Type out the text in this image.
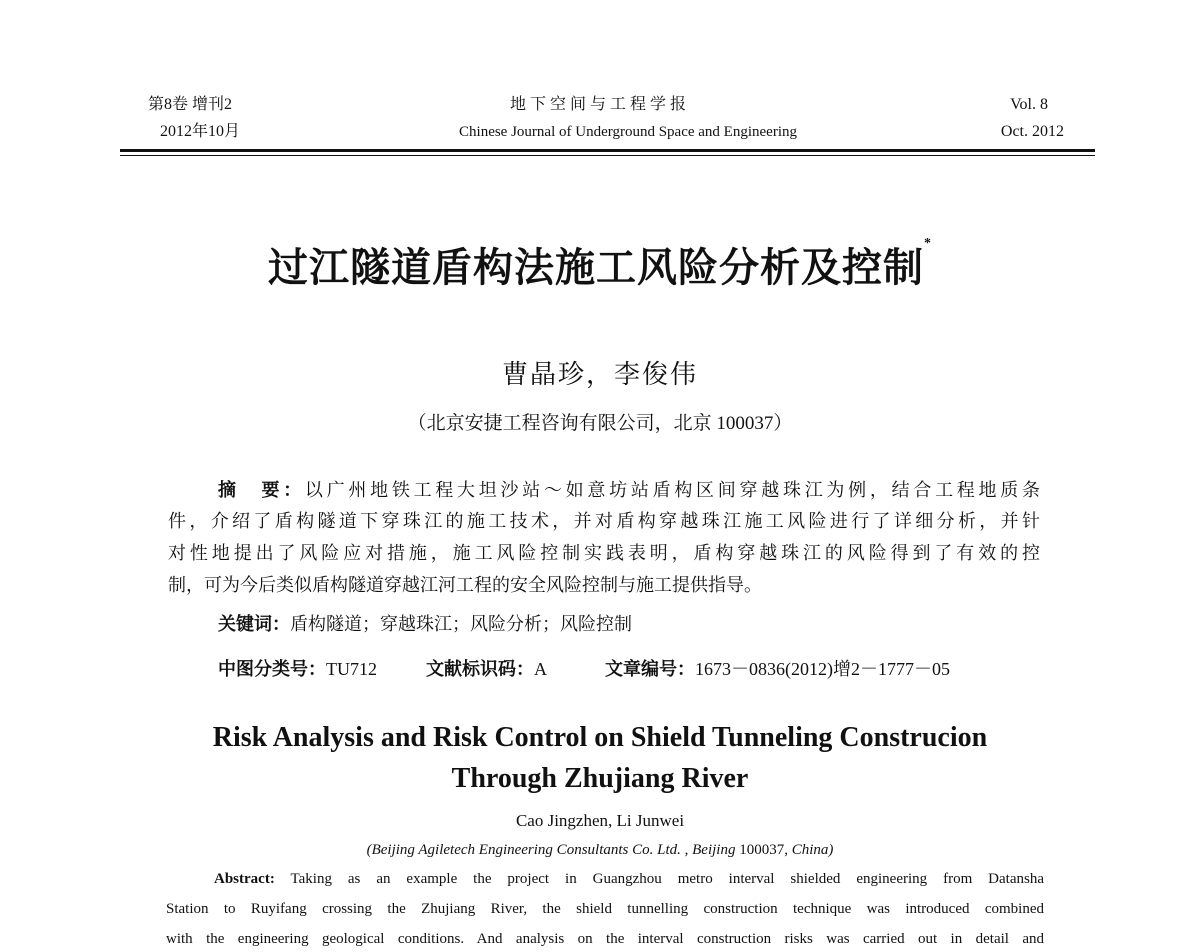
第8卷 增刊2
2012年10月
地下空间与工程学报
Chinese Journal of Underground Space and Engineering
Vol. 8
Oct. 2012
过江隧道盾构法施工风险分析及控制*
曹晶珍，李俊伟
（北京安捷工程咨询有限公司，北京 100037）
摘　要：以广州地铁工程大坦沙站～如意坊站盾构区间穿越珠江为例，结合工程地质条
件，介绍了盾构隧道下穿珠江的施工技术，并对盾构穿越珠江施工风险进行了详细分析，并针
对性地提出了风险应对措施，施工风险控制实践表明，盾构穿越珠江的风险得到了有效的控
制，可为今后类似盾构隧道穿越江河工程的安全风险控制与施工提供指导。
关键词：盾构隧道；穿越珠江；风险分析；风险控制
中图分类号：TU712	文献标识码：A	文章编号：1673－0836(2012)增2－1777－05
Risk Analysis and Risk Control on Shield Tunneling Construcion
Through Zhujiang River
Cao Jingzhen, Li Junwei
(Beijing Agiletech Engineering Consultants Co. Ltd. , Beijing 100037, China)
Abstract: Taking as an example the project in Guangzhou metro interval shielded engineering from Datansha
Station to Ruyifang crossing the Zhujiang River, the shield tunnelling construction technique was introduced combined
with the engineering geological conditions. And analysis on the interval construction risks was carried out in detail and
